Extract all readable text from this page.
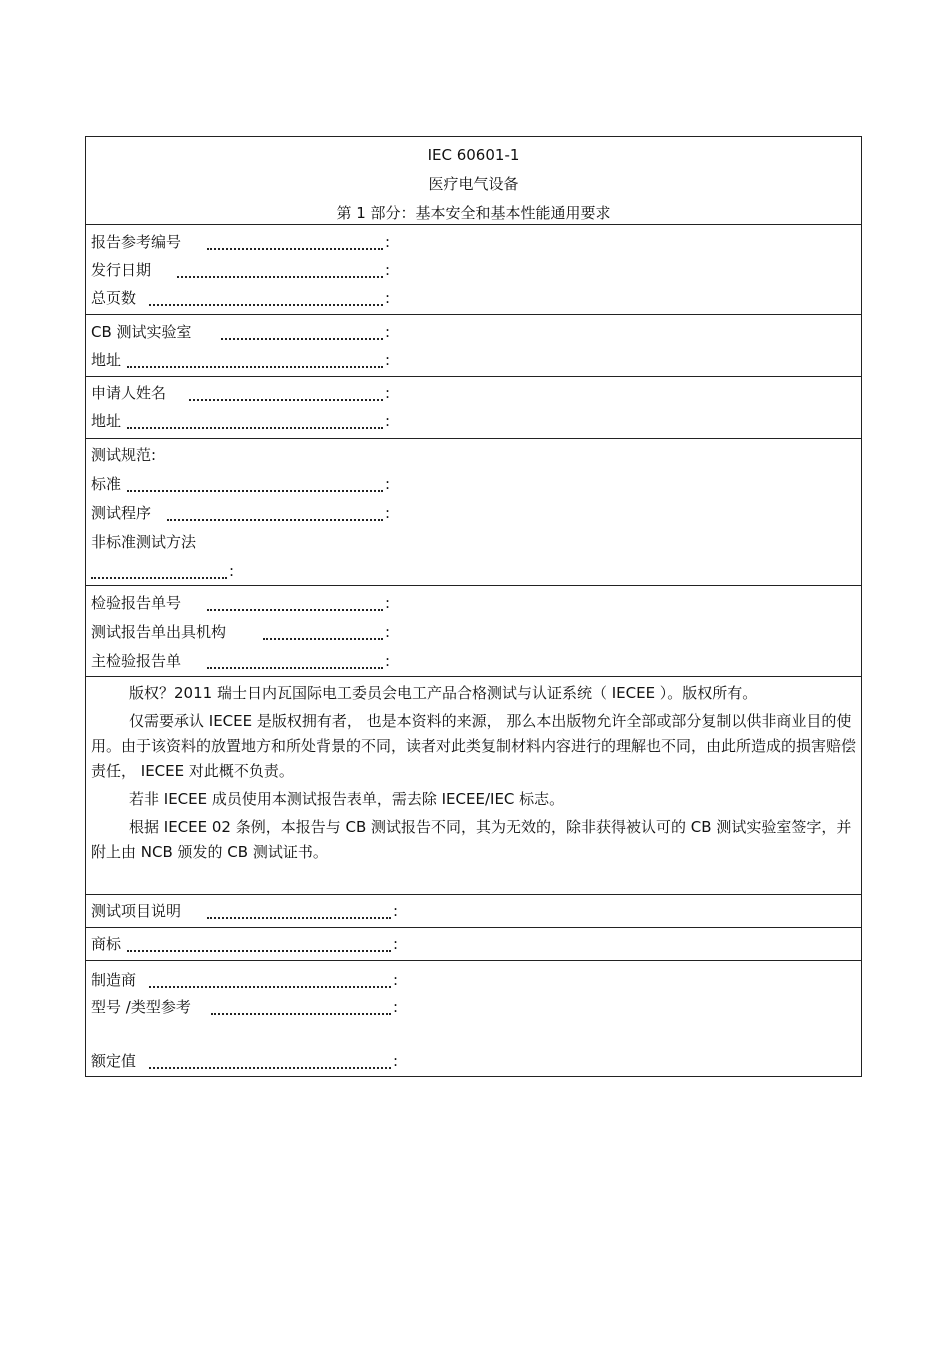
IEC 60601-1
医疗电气设备
第 1 部分：基本安全和基本性能通用要求
报告参考编号	:
发行日期	:
总页数	:
CB 测试实验室	:
地址	:
申请人姓名	:
地址	:
测试规范:
标准	:
测试程序	:
非标准测试方法
:
检验报告单号	:
测试报告单出具机构	:
主检验报告单	:

版权？2011 瑞士日内瓦国际电工委员会电工产品合格测试与认证系统（ IECEE ）。版权所有。

仅需要承认 IECEE 是版权拥有者， 也是本资料的来源， 那么本出版物允许全部或部分复制以供非商业目的使用。由于该资料的放置地方和所处背景的不同，读者对此类复制材料内容进行的理解也不同，由此所造成的损害赔偿责任， IECEE 对此概不负责。

若非 IECEE 成员使用本测试报告表单，需去除 IECEE/IEC 标志。

根据 IECEE 02 条例，本报告与 CB 测试报告不同，其为无效的，除非获得被认可的 CB 测试实验室签字，并附上由 NCB 颁发的 CB 测试证书。

测试项目说明	:
商标	:
制造商	:
型号 /类型参考	:
额定值	:
